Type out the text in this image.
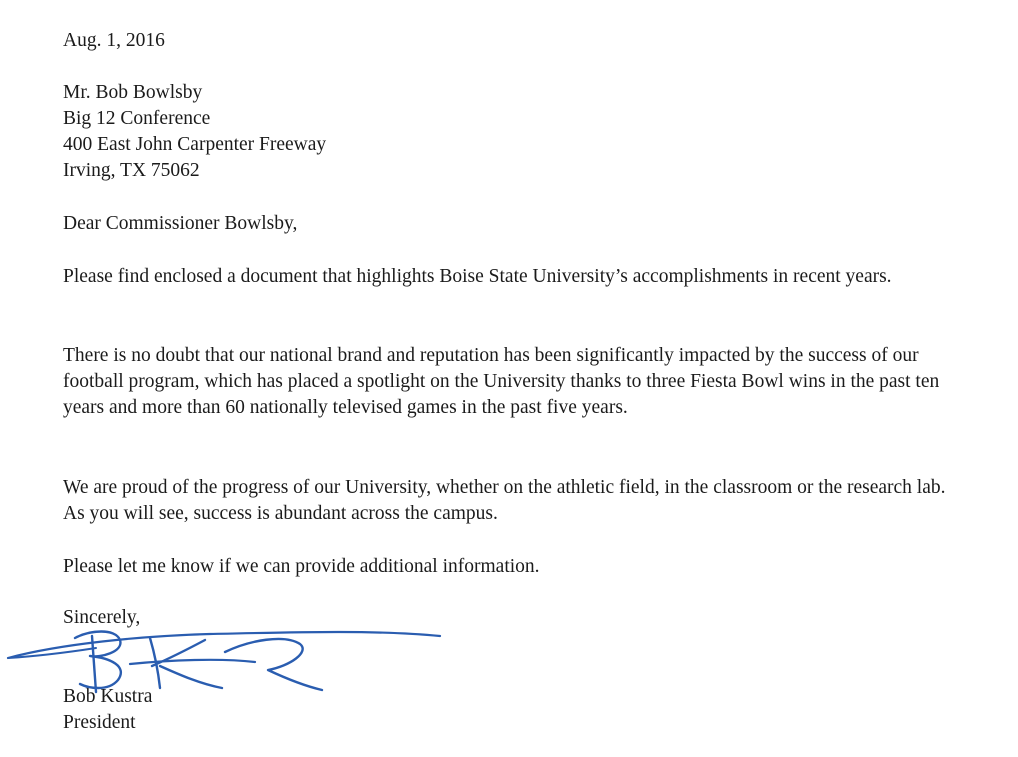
Aug. 1, 2016
Mr. Bob Bowlsby
Big 12 Conference
400 East John Carpenter Freeway
Irving, TX 75062
Dear Commissioner Bowlsby,
Please find enclosed a document that highlights Boise State University’s accomplishments in recent years.
There is no doubt that our national brand and reputation has been significantly impacted by the success of our football program, which has placed a spotlight on the University thanks to three Fiesta Bowl wins in the past ten years and more than 60 nationally televised games in the past five years.
We are proud of the progress of our University, whether on the athletic field, in the classroom or the research lab. As you will see, success is abundant across the campus.
Please let me know if we can provide additional information.
Sincerely,
Bob Kustra
President
